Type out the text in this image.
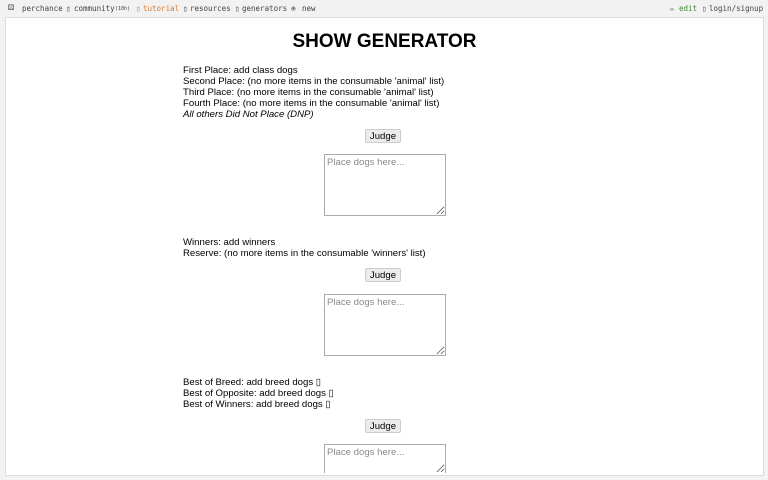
⚄ perchance ▯ community (10h) ▯ tutorial ▯ resources ▯ generators ⊕ new	✏ edit ▯ login/signup
SHOW GENERATOR
First Place: add class dogs
Second Place: (no more items in the consumable 'animal' list)
Third Place: (no more items in the consumable 'animal' list)
Fourth Place: (no more items in the consumable 'animal' list)
All others Did Not Place (DNP)
Judge
Place dogs here...
Winners: add winners
Reserve: (no more items in the consumable 'winners' list)
Judge
Place dogs here...
Best of Breed: add breed dogs ▯
Best of Opposite: add breed dogs ▯
Best of Winners: add breed dogs ▯
Judge
Place dogs here...
